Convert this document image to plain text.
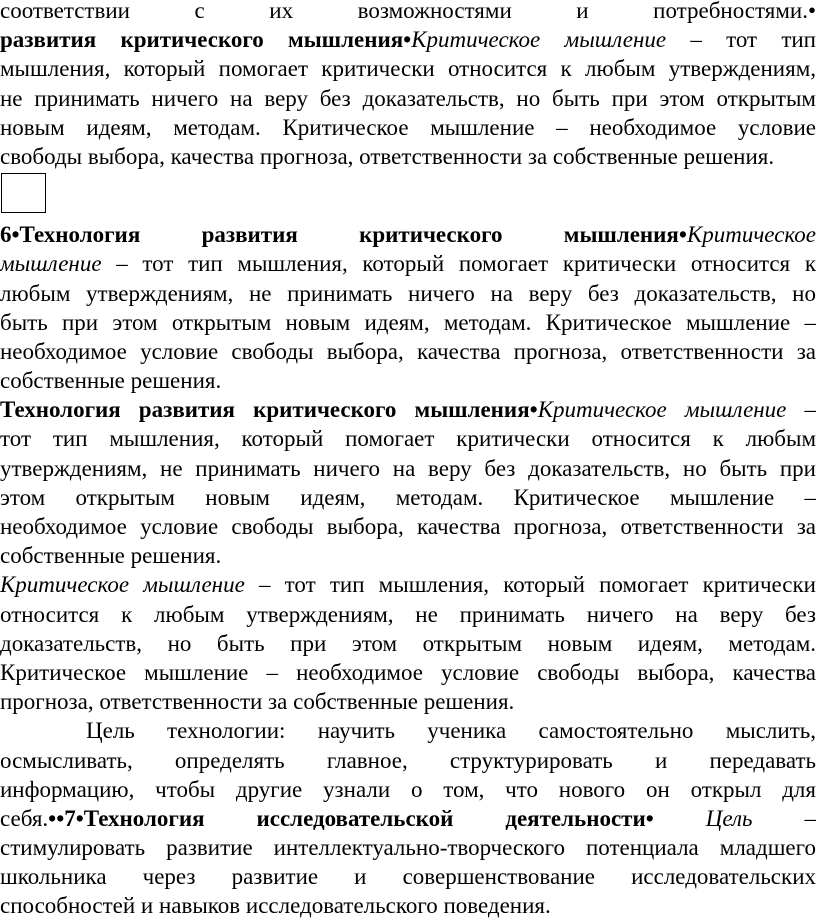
соответствии с их возможностями и потребностями.•
развития критического мышления•Критическое мышление – тот тип
мышления, который помогает критически относится к любым утверждениям,
не принимать ничего на веру без доказательств, но быть при этом открытым
новым идеям, методам. Критическое мышление – необходимое условие
свободы выбора, качества прогноза, ответственности за собственные решения.
6•Технология развития критического мышления•Критическое
мышление – тот тип мышления, который помогает критически относится к
любым утверждениям, не принимать ничего на веру без доказательств, но
быть при этом открытым новым идеям, методам. Критическое мышление –
необходимое условие свободы выбора, качества прогноза, ответственности за
собственные решения.
Технология развития критического мышления•Критическое мышление –
тот тип мышления, который помогает критически относится к любым
утверждениям, не принимать ничего на веру без доказательств, но быть при
этом открытым новым идеям, методам. Критическое мышление –
необходимое условие свободы выбора, качества прогноза, ответственности за
собственные решения.
Критическое мышление – тот тип мышления, который помогает критически
относится к любым утверждениям, не принимать ничего на веру без
доказательств, но быть при этом открытым новым идеям, методам.
Критическое мышление – необходимое условие свободы выбора, качества
прогноза, ответственности за собственные решения.
Цель технологии: научить ученика самостоятельно мыслить,
осмысливать, определять главное, структурировать и передавать
информацию, чтобы другие узнали о том, что нового он открыл для
себя.••7•Технология исследовательской деятельности• Цель –
стимулировать развитие интеллектуально-творческого потенциала младшего
школьника через развитие и совершенствование исследовательских
способностей и навыков исследовательского поведения.
